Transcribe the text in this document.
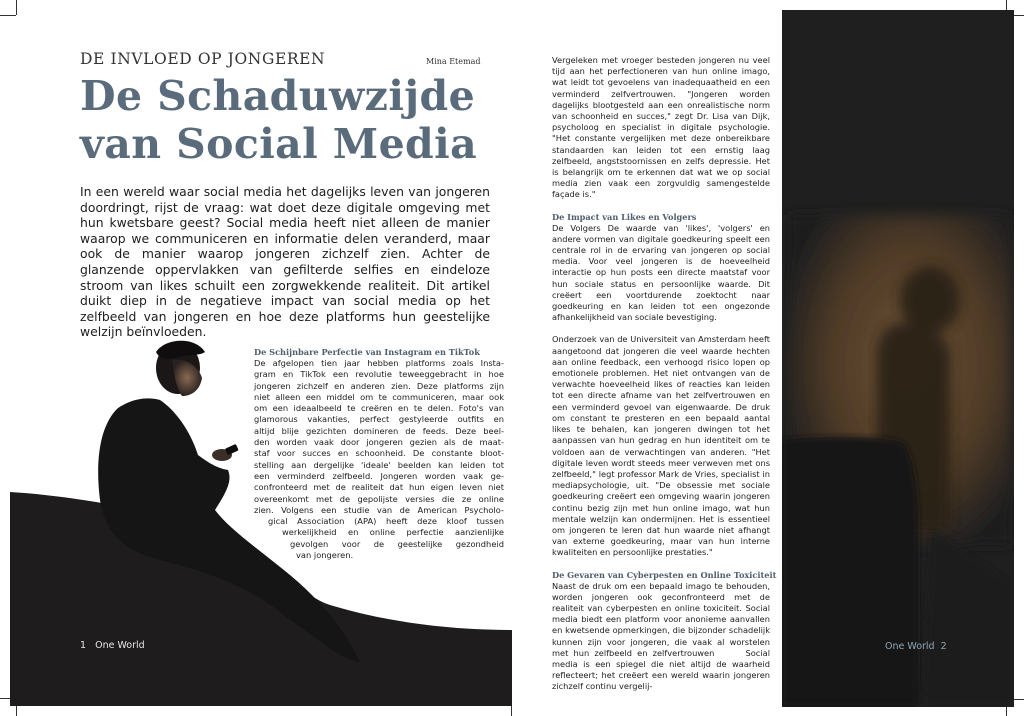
DE INVLOED OP JONGEREN	Mina Etemad
De Schaduwzijde
van Social Media

In een wereld waar social media het dagelijks leven van jongeren doordringt, rijst de vraag: wat doet deze digitale omgeving met hun kwetsbare geest? Social media heeft niet alleen de manier waarop we communiceren en informatie delen veranderd, maar ook de manier waarop jongeren zichzelf zien. Achter de glanzende oppervlakken van gefilterde selfies en eindeloze stroom van likes schuilt een zorgwekkende realiteit. Dit artikel duikt diep in de negatieve impact van social media op het zelfbeeld van jongeren en hoe deze platforms hun geestelijke welzijn beïnvloeden.

De Schijnbare Perfectie van Instagram en TikTok
De afgelopen tien jaar hebben platforms zoals Insta-
gram en TikTok een revolutie teweeggebracht in hoe
jongeren zichzelf en anderen zien. Deze platforms zijn
niet alleen een middel om te communiceren, maar ook
om een ideaalbeeld te creëren en te delen. Foto's van
glamorous vakanties, perfect gestyleerde outfits en
altijd blije gezichten domineren de feeds. Deze beel-
den worden vaak door jongeren gezien als de maat-
staf voor succes en schoonheid. De constante bloot-
stelling aan dergelijke 'ideale' beelden kan leiden tot
een verminderd zelfbeeld. Jongeren worden vaak ge-
confronteerd met de realiteit dat hun eigen leven niet
overeenkomt met de gepolijste versies die ze online
zien. Volgens een studie van de American Psycholo-
gical Association (APA) heeft deze kloof tussen
werkelijkheid en online perfectie aanzienlijke
gevolgen voor de geestelijke gezondheid
van jongeren.
1   One World

Vergeleken met vroeger besteden jongeren nu veel tijd aan het perfectioneren van hun online imago, wat leidt tot gevoelens van inadequaatheid en een verminderd zelfvertrouwen. "Jongeren worden dagelijks blootgesteld aan een onrealistische norm van schoonheid en succes," zegt Dr. Lisa van Dijk, psycholoog en specialist in digitale psychologie. "Het constante vergelijken met deze onbereikbare standaarden kan leiden tot een ernstig laag zelfbeeld, angststoornissen en zelfs depressie. Het is belangrijk om te erkennen dat wat we op social media zien vaak een zorgvuldig samengestelde façade is."

De Impact van Likes en Volgers

De Volgers De waarde van 'likes', 'volgers' en andere vormen van digitale goedkeuring speelt een centrale rol in de ervaring van jongeren op social media. Voor veel jongeren is de hoeveelheid interactie op hun posts een directe maatstaf voor hun sociale status en persoonlijke waarde. Dit creëert een voortdurende zoektocht naar goedkeuring en kan leiden tot een ongezonde afhankelijkheid van sociale bevestiging.

Onderzoek van de Universiteit van Amsterdam heeft aangetoond dat jongeren die veel waarde hechten aan online feedback, een verhoogd risico lopen op emotionele problemen. Het niet ontvangen van de verwachte hoeveelheid likes of reacties kan leiden tot een directe afname van het zelfvertrouwen en een verminderd gevoel van eigenwaarde. De druk om constant te presteren en een bepaald aantal likes te behalen, kan jongeren dwingen tot het aanpassen van hun gedrag en hun identiteit om te voldoen aan de verwachtingen van anderen. "Het digitale leven wordt steeds meer verweven met ons zelfbeeld," legt professor Mark de Vries, specialist in mediapsychologie, uit. "De obsessie met sociale goedkeuring creëert een omgeving waarin jongeren continu bezig zijn met hun online imago, wat hun mentale welzijn kan ondermijnen. Het is essentieel om jongeren te leren dat hun waarde niet afhangt van externe goedkeuring, maar van hun interne kwaliteiten en persoonlijke prestaties."

De Gevaren van Cyberpesten en Online Toxiciteit

Naast de druk om een bepaald imago te behouden, worden jongeren ook geconfronteerd met de realiteit van cyberpesten en online toxiciteit. Social media biedt een platform voor anonieme aanvallen en kwetsende opmerkingen, die bijzonder schadelijk kunnen zijn voor jongeren, die vaak al worstelen met hun zelfbeeld en zelfvertrouwen      Social media is een spiegel die niet altijd de waarheid reflecteert; het creëert een wereld waarin jongeren zichzelf continu vergelij-

One World  2
